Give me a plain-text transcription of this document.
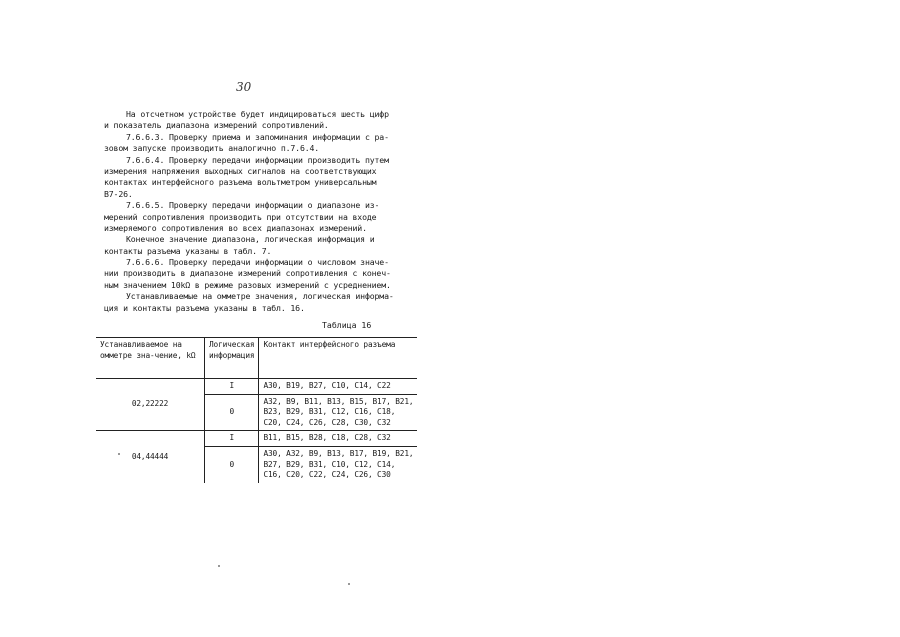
30
На отсчетном устройстве будет индицироваться шесть цифр
и показатель диапазона измерений сопротивлений.
7.6.6.3. Проверку приема и запоминания информации с ра-
зовом запуске производить аналогично п.7.6.4.
7.6.6.4. Проверку передачи информации производить путем
измерения напряжения выходных сигналов на соответствующих
контактах интерфейсного разъема вольтметром универсальным
В7-26.
7.6.6.5. Проверку передачи информации о диапазоне из-
мерений сопротивления производить при отсутствии на входе
измеряемого сопротивления во всех диапазонах измерений.
Конечное значение диапазона, логическая информация и
контакты разъема указаны в табл. 7.
7.6.6.6. Проверку передачи информации о числовом значе-
нии производить в диапазоне измерений сопротивления с конеч-
ным значением 10kΩ в режиме разовых измерений с усреднением.
Устанавливаемые на омметре значения, логическая информа-
ция и контакты разъема указаны в табл. 16.
Таблица 16
Устанавливаемое на омметре зна-чение, kΩ	Логическая информация	Контакт интерфейсного разъема
02,22222	I	А30, В19, В27, С10, С14, С22
	0	А32, В9, В11, В13, В15, В17, В21, В23, В29, В31, С12, С16, С18, С20, С24, С26, С28, С30, С32
04,44444	I	В11, В15, В28, С18, С28, С32
	0	А30, А32, В9, В13, В17, В19, В21, В27, В29, В31, С10, С12, С14, С16, С20, С22, С24, С26, С30
